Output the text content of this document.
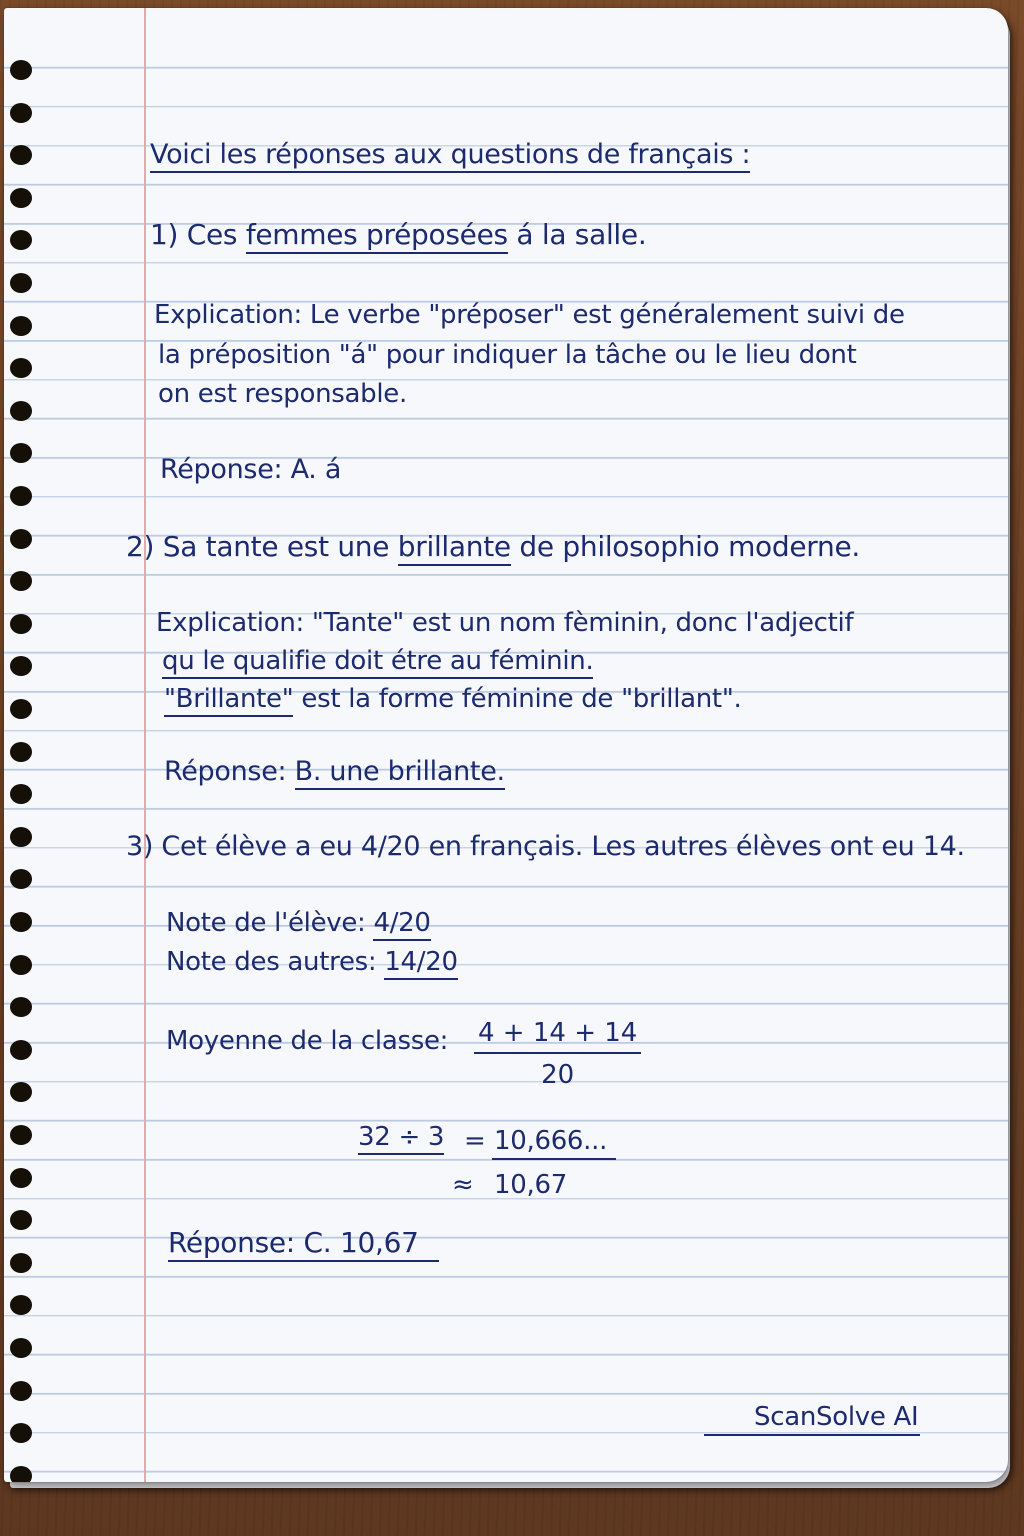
Voici les réponses aux questions de français :

1) Ces femmes préposées á la salle.

Explication: Le verbe "préposer" est généralement suivi de

la préposition "á" pour indiquer la tâche ou le lieu dont

on est responsable.

Réponse: A. á

2) Sa tante est une brillante de philosophio moderne.

Explication: "Tante" est un nom fèminin, donc l'adjectif

qu le qualifie doit étre au féminin.

"Brillante" est la forme féminine de "brillant".

Réponse: B. une brillante.

3) Cet élève a eu 4/20 en français. Les autres élèves ont eu 14.

Note de l'élève: 4/20

Note des autres: 14/20

Moyenne de la classe: $\frac{4 + 14 + 14}{20}$

32 ÷ 3 = 10,666...

≈ 10,67

Réponse: C. 10,67

ScanSolve AI
